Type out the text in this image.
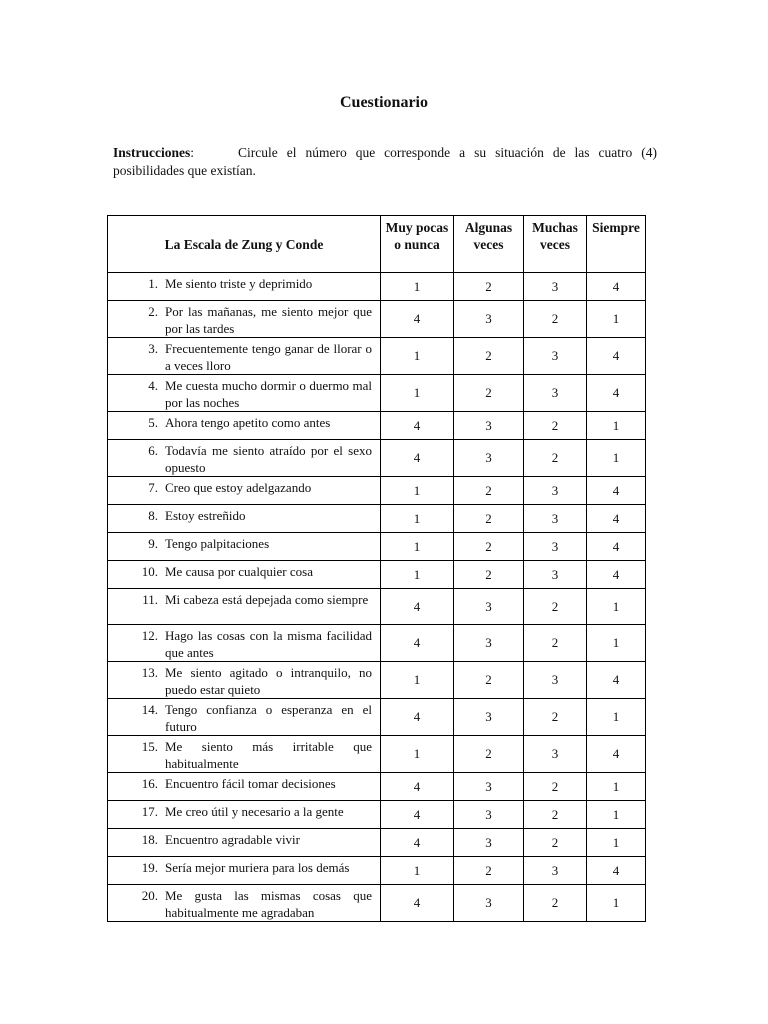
Cuestionario
Instrucciones:	Circule el número que corresponde a su situación de las cuatro (4) posibilidades que existían.
La Escala de Zung y Conde	Muy pocas o nunca	Algunas veces	Muchas veces	Siempre

1. Me siento triste y deprimido	1	2	3	4

2. Por las mañanas, me siento mejor que por las tardes	4	3	2	1

3. Frecuentemente tengo ganar de llorar o a veces lloro	1	2	3	4

4. Me cuesta mucho dormir o duermo mal por las noches	1	2	3	4

5. Ahora tengo apetito como antes	4	3	2	1

6. Todavía me siento atraído por el sexo opuesto	4	3	2	1

7. Creo que estoy adelgazando	1	2	3	4

8. Estoy estreñido	1	2	3	4

9. Tengo palpitaciones	1	2	3	4

10. Me causa por cualquier cosa	1	2	3	4

11. Mi cabeza está depejada como siempre	4	3	2	1

12. Hago las cosas con la misma facilidad que antes	4	3	2	1

13. Me siento agitado o intranquilo, no puedo estar quieto	1	2	3	4

14. Tengo confianza o esperanza en el futuro	4	3	2	1

15. Me siento más irritable que habitualmente	1	2	3	4

16. Encuentro fácil tomar decisiones	4	3	2	1

17. Me creo útil y necesario a la gente	4	3	2	1

18. Encuentro agradable vivir	4	3	2	1

19. Sería mejor muriera para los demás	1	2	3	4

20. Me gusta las mismas cosas que habitualmente me agradaban	4	3	2	1
